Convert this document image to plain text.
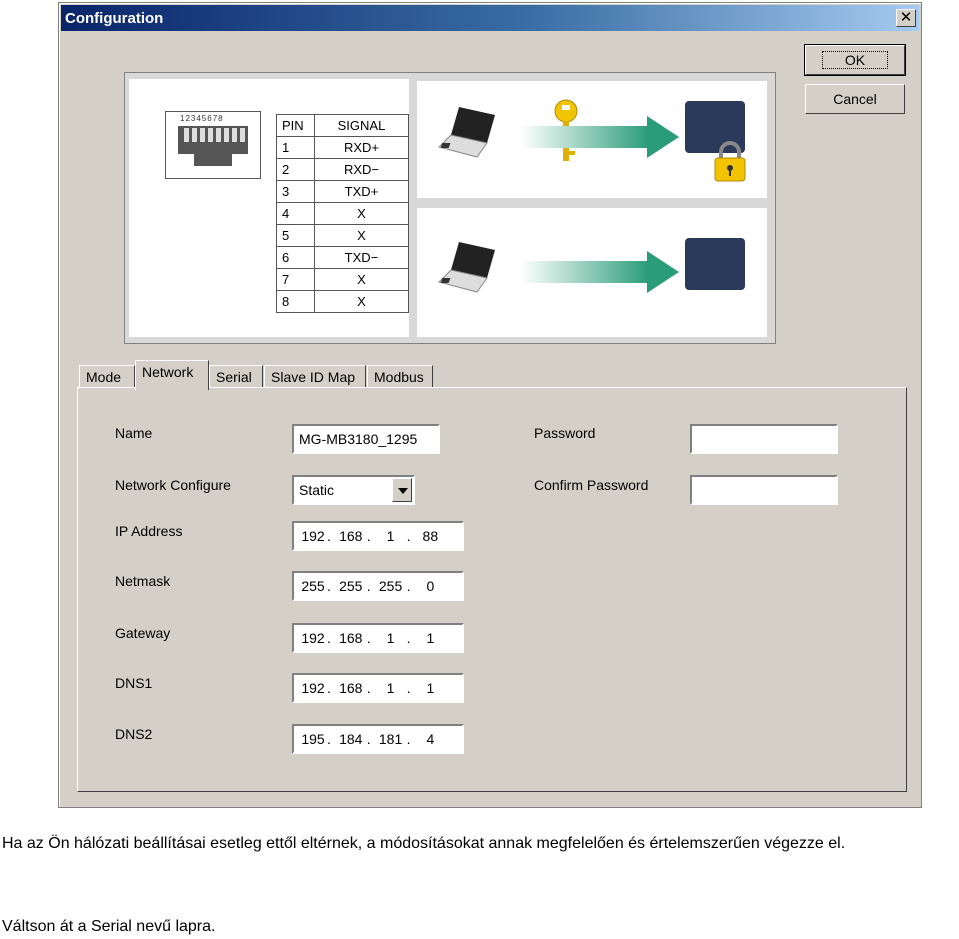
Configuration	✕
OK
Cancel
12345678	PIN	SIGNAL
1	RXD+
2	RXD−
3	TXD+
4	X
5	X
6	TXD−
7	X
8	X
Mode	Network	Serial	Slave ID Map	Modbus
Name	MG-MB3180_1295
Network Configure	Static
IP Address	192 . 168 . 1 . 88
Netmask	255 . 255 . 255 . 0
Gateway	192 . 168 . 1 . 1
DNS1	192 . 168 . 1 . 1
DNS2	195 . 184 . 181 . 4
Password
Confirm Password
Ha az Ön hálózati beállításai esetleg ettől eltérnek, a módosításokat annak megfelelően és értelemszerűen végezze el.
Váltson át a Serial nevű lapra.
